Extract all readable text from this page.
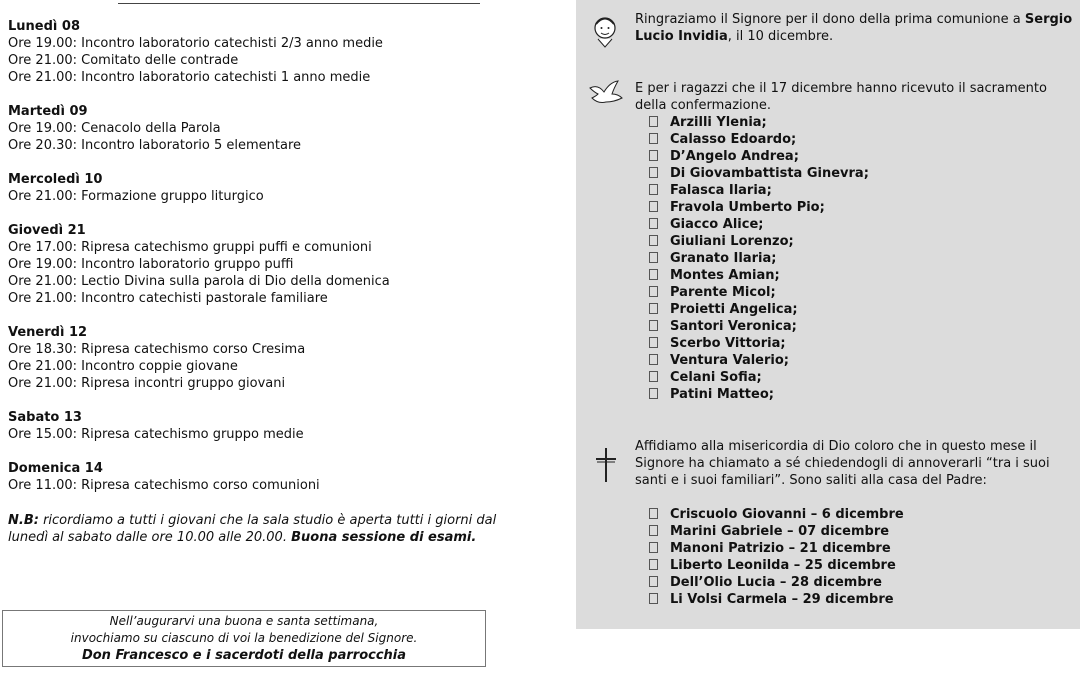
Lunedì 08
Ore 19.00: Incontro laboratorio catechisti 2/3 anno medie
Ore 21.00: Comitato delle contrade
Ore 21.00: Incontro laboratorio catechisti 1 anno medie
Martedì 09
Ore 19.00: Cenacolo della Parola
Ore 20.30: Incontro laboratorio 5 elementare
Mercoledì 10
Ore 21.00: Formazione gruppo liturgico
Giovedì 21
Ore 17.00: Ripresa catechismo gruppi puffi e comunioni
Ore 19.00: Incontro laboratorio gruppo puffi
Ore 21.00: Lectio Divina sulla parola di Dio della domenica
Ore 21.00: Incontro catechisti pastorale familiare
Venerdì 12
Ore 18.30: Ripresa catechismo corso Cresima
Ore 21.00: Incontro coppie giovane
Ore 21.00: Ripresa incontri gruppo giovani
Sabato 13
Ore 15.00: Ripresa catechismo gruppo medie
Domenica 14
Ore 11.00: Ripresa catechismo corso comunioni
N.B: ricordiamo a tutti i giovani che la sala studio è aperta tutti i giorni dal lunedì al sabato dalle ore 10.00 alle 20.00. Buona sessione di esami.
Nell’augurarvi una buona e santa settimana,
invochiamo su ciascuno di voi la benedizione del Signore.
Don Francesco e i sacerdoti della parrocchia
Ringraziamo il Signore per il dono della prima comunione a Sergio Lucio Invidia, il 10 dicembre.
E per i ragazzi che il 17 dicembre hanno ricevuto il sacramento della confermazione.
Arzilli Ylenia;
Calasso Edoardo;
D’Angelo Andrea;
Di Giovambattista Ginevra;
Falasca Ilaria;
Fravola Umberto Pio;
Giacco Alice;
Giuliani Lorenzo;
Granato Ilaria;
Montes Amian;
Parente Micol;
Proietti Angelica;
Santori Veronica;
Scerbo Vittoria;
Ventura Valerio;
Celani Sofia;
Patini Matteo;
Affidiamo alla misericordia di Dio coloro che in questo mese il Signore ha chiamato a sé chiedendogli di annoverarli “tra i suoi santi e i suoi familiari”. Sono saliti alla casa del Padre:
Criscuolo Giovanni – 6 dicembre
Marini Gabriele – 07 dicembre
Manoni Patrizio – 21 dicembre
Liberto Leonilda – 25 dicembre
Dell’Olio Lucia – 28 dicembre
Li Volsi Carmela – 29 dicembre
